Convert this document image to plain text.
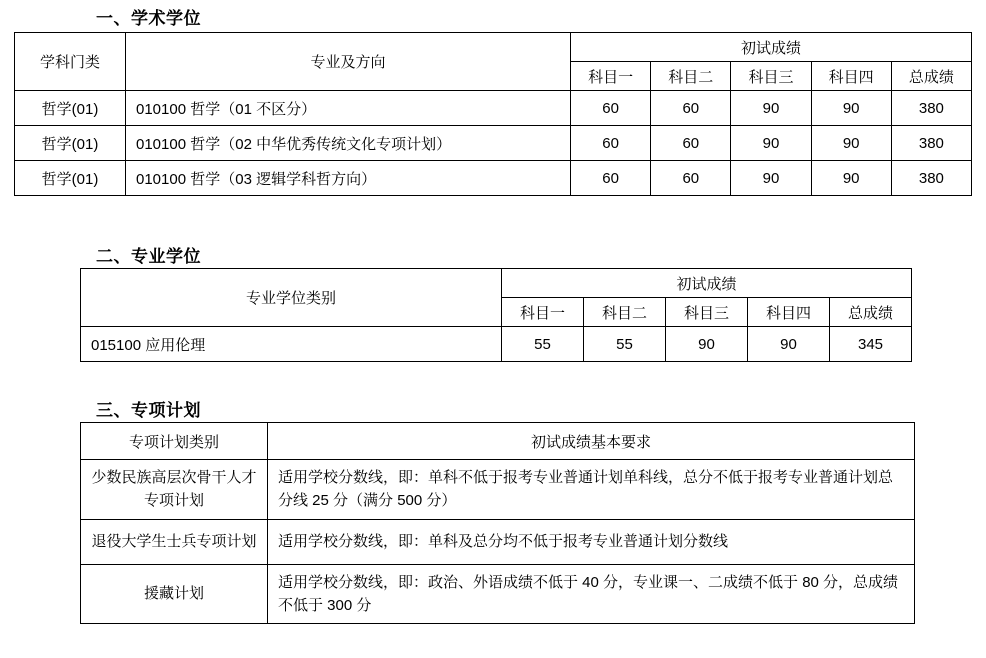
一、学术学位
学科门类	专业及方向	初试成绩				
		科目一	科目二	科目三	科目四	总成绩
哲学(01)	010100 哲学（01 不区分）	60	60	90	90	380
哲学(01)	010100 哲学（02 中华优秀传统文化专项计划）	60	60	90	90	380
哲学(01)	010100 哲学（03 逻辑学科哲方向）	60	60	90	90	380
二、专业学位
专业学位类别	初试成绩				
	科目一	科目二	科目三	科目四	总成绩
015100 应用伦理	55	55	90	90	345
三、专项计划
专项计划类别	初试成绩基本要求
少数民族高层次骨干人才专项计划	适用学校分数线，即：单科不低于报考专业普通计划单科线，总分不低于报考专业普通计划总分线 25 分（满分 500 分）
退役大学生士兵专项计划	适用学校分数线，即：单科及总分均不低于报考专业普通计划分数线
援藏计划	适用学校分数线，即：政治、外语成绩不低于 40 分，专业课一、二成绩不低于 80 分，总成绩不低于 300 分
